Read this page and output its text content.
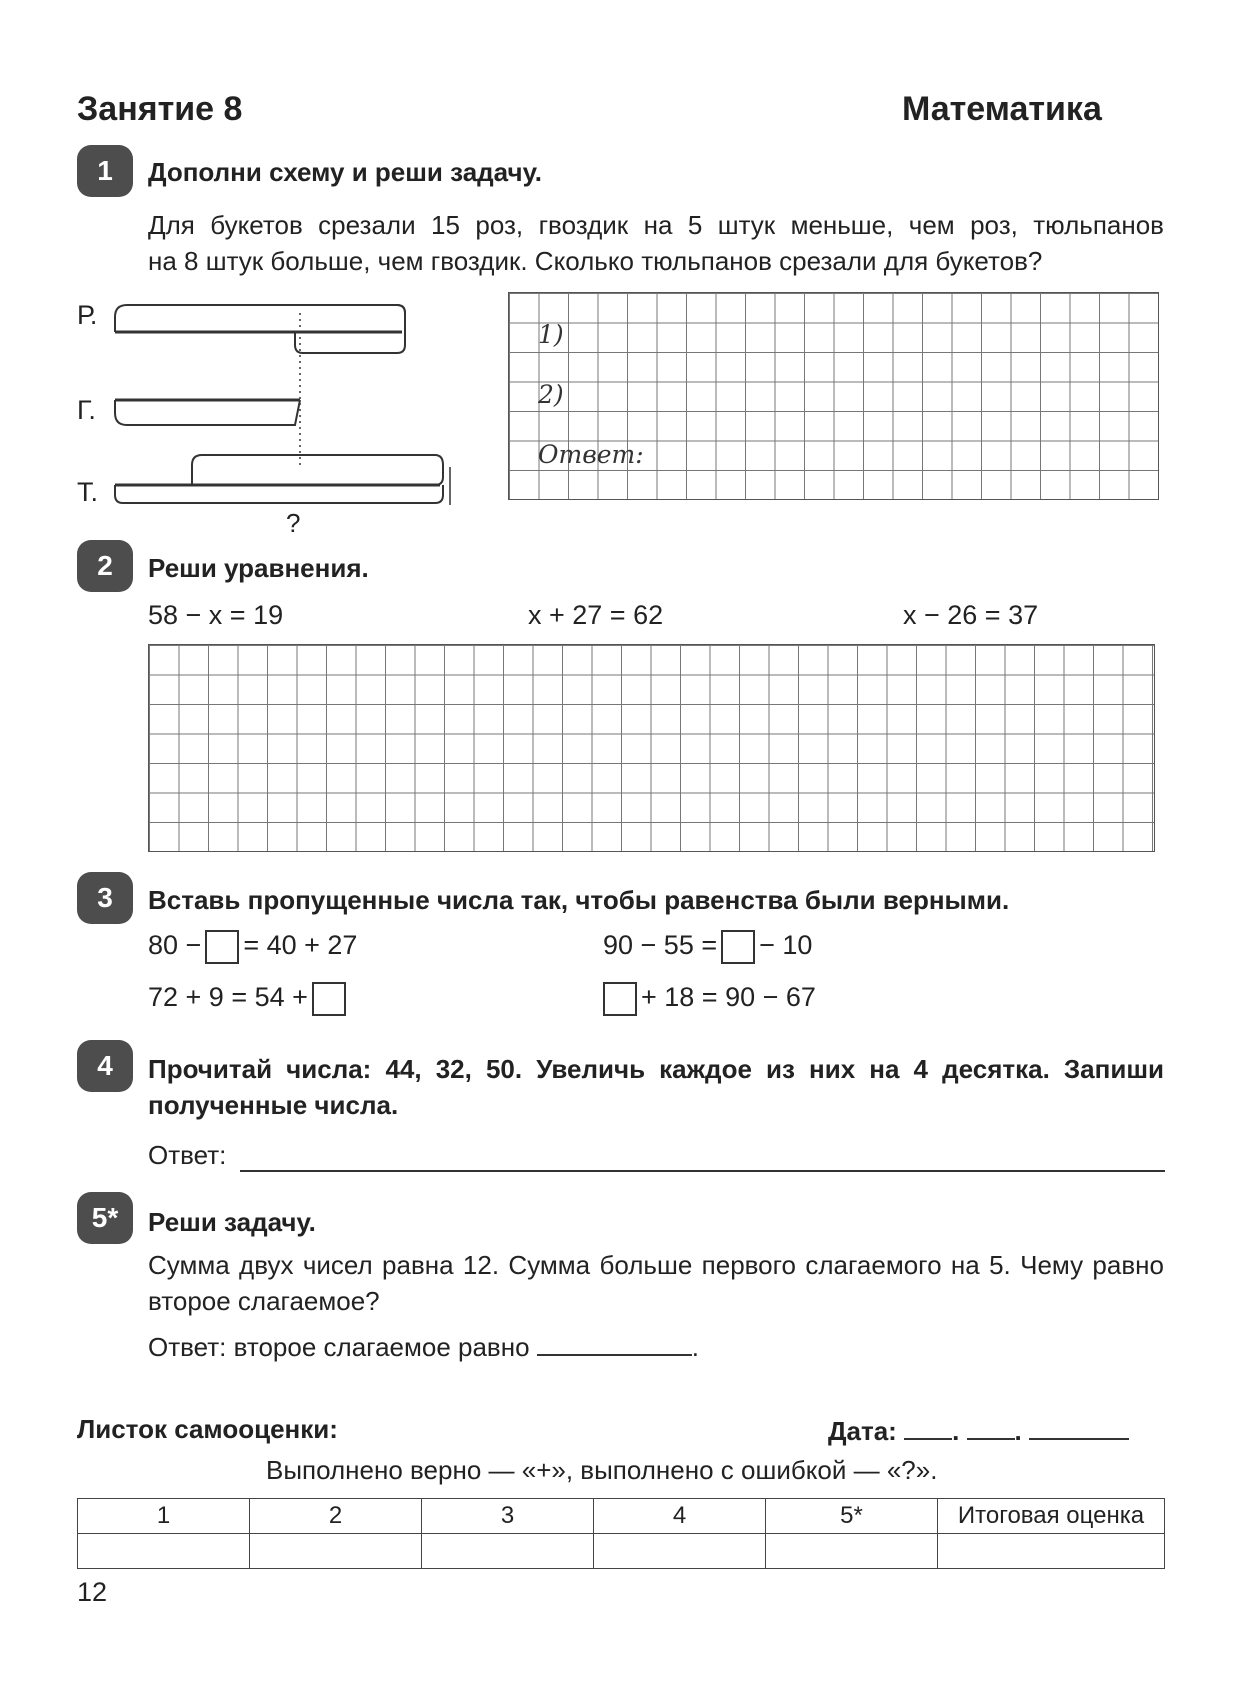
Занятие 8	Математика
1	Дополни схему и реши задачу.
Для букетов срезали 15 роз, гвоздик на 5 штук меньше, чем роз, тюльпанов
на 8 штук больше, чем гвоздик. Сколько тюльпанов срезали для букетов?
Р.
Г.
Т.
?
1)
2)
Ответ:
2	Реши уравнения.
58 − x = 19	x + 27 = 62	x − 26 = 37
3	Вставь пропущенные числа так, чтобы равенства были верными.
80 − = 40 + 27	90 − 55 = − 10
72 + 9 = 54 +	+ 18 = 90 − 67
4	Прочитай числа: 44, 32, 50. Увеличь каждое из них на 4 десятка. Запиши
полученные числа.
Ответ:
5*	Реши задачу.
Сумма двух чисел равна 12. Сумма больше первого слагаемого на 5. Чему равно
второе слагаемое?
Ответ: второе слагаемое равно	.
Листок самооценки:	Дата: . .
Выполнено верно — «+», выполнено с ошибкой — «?».
1	2	3	4	5*	Итоговая оценка

12
